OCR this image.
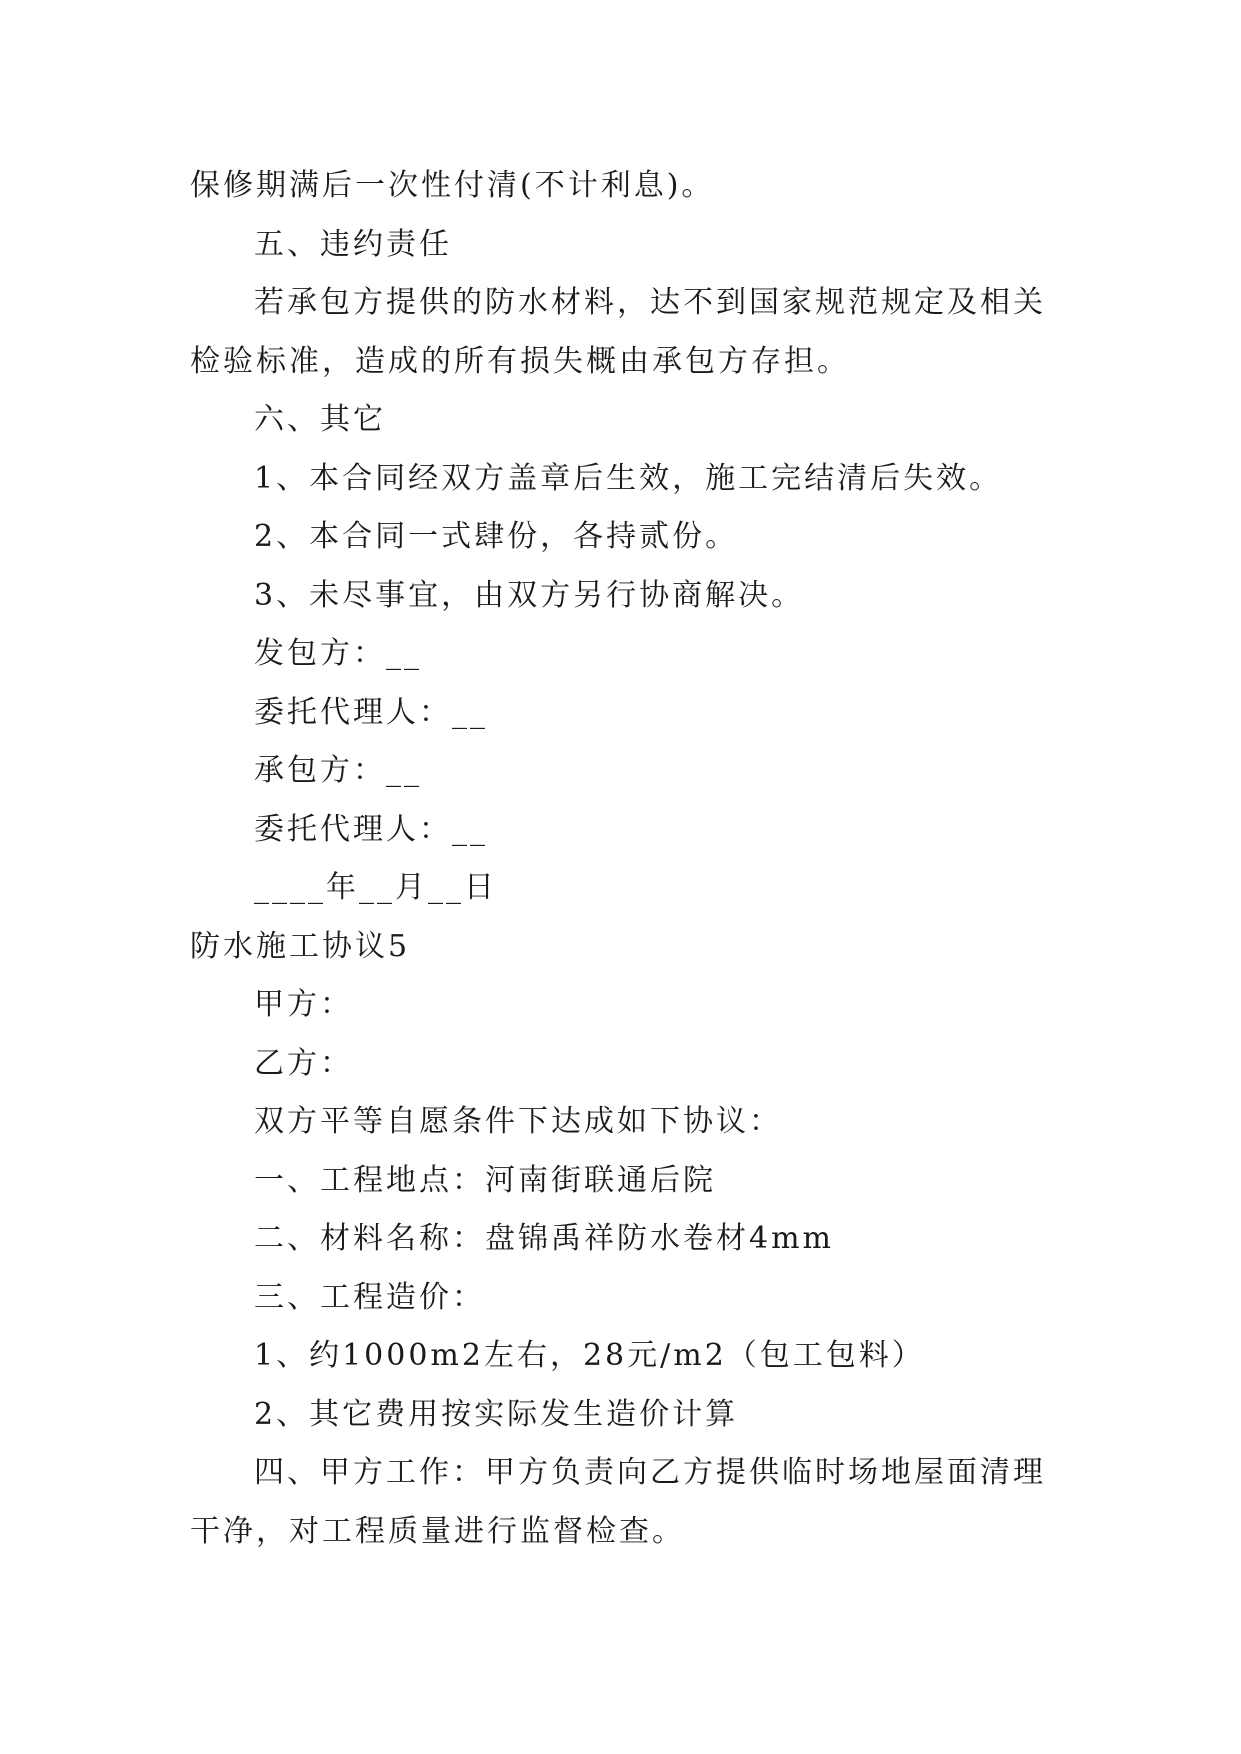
保修期满后一次性付清(不计利息)。
五、违约责任
若承包方提供的防水材料，达不到国家规范规定及相关
检验标准，造成的所有损失概由承包方存担。
六、其它
1、本合同经双方盖章后生效，施工完结清后失效。
2、本合同一式肆份，各持贰份。
3、未尽事宜，由双方另行协商解决。
发包方：__
委托代理人：__
承包方：__
委托代理人：__
____年__月__日
防水施工协议5
甲方：
乙方：
双方平等自愿条件下达成如下协议：
一、工程地点：河南街联通后院
二、材料名称：盘锦禹祥防水卷材4mm
三、工程造价：
1、约1000m2左右，28元/m2（包工包料）
2、其它费用按实际发生造价计算
四、甲方工作：甲方负责向乙方提供临时场地屋面清理
干净，对工程质量进行监督检查。
